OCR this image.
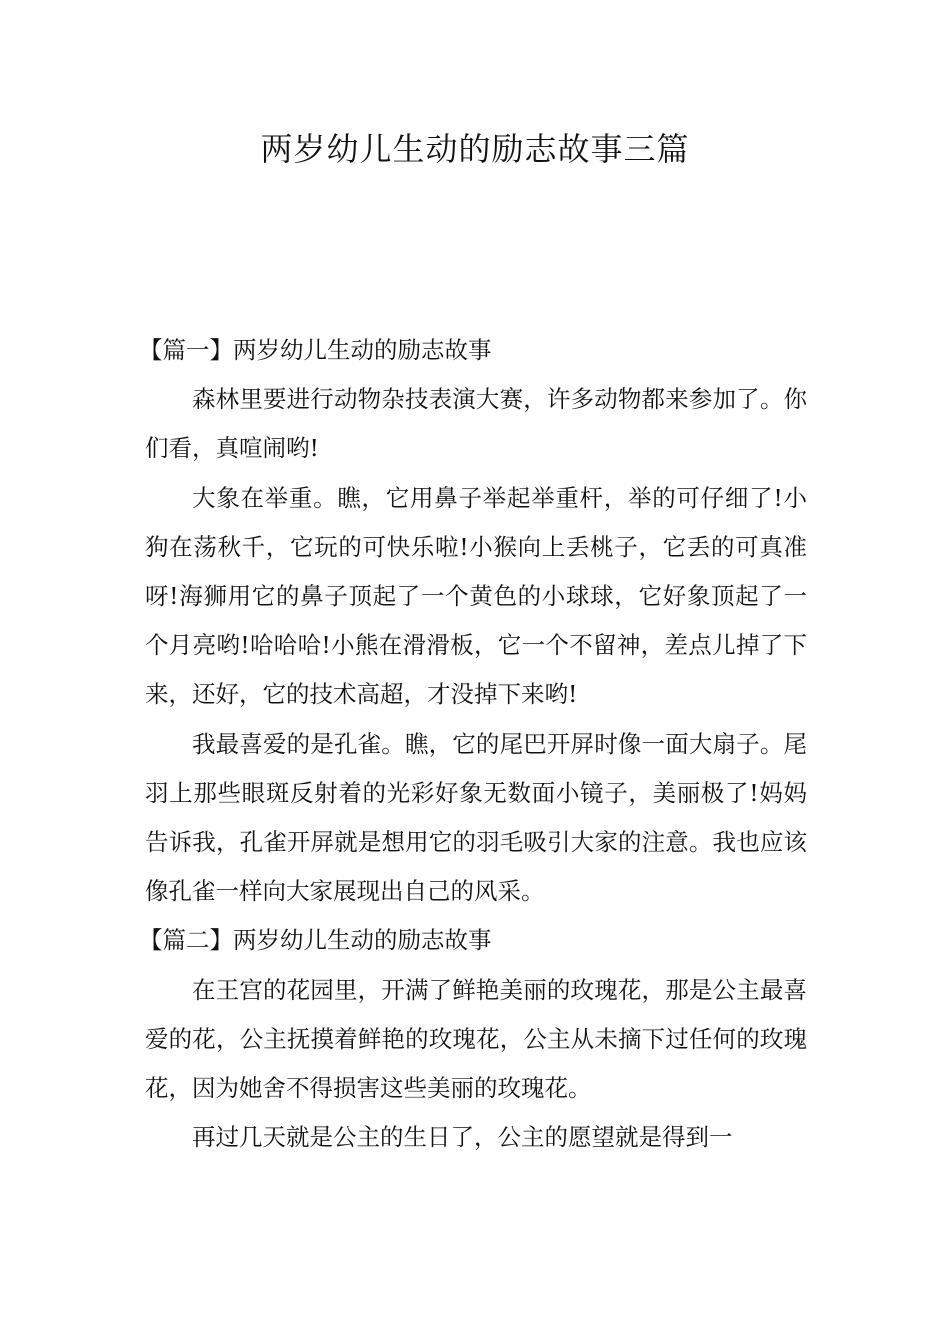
两岁幼儿生动的励志故事三篇
【篇一】两岁幼儿生动的励志故事

森林里要进行动物杂技表演大赛，许多动物都来参加了。你们看，真喧闹哟!

大象在举重。瞧，它用鼻子举起举重杆，举的可仔细了!小狗在荡秋千，它玩的可快乐啦!小猴向上丢桃子，它丢的可真准呀!海狮用它的鼻子顶起了一个黄色的小球球，它好象顶起了一个月亮哟!哈哈哈!小熊在滑滑板，它一个不留神，差点儿掉了下来，还好，它的技术高超，才没掉下来哟!

我最喜爱的是孔雀。瞧，它的尾巴开屏时像一面大扇子。尾羽上那些眼斑反射着的光彩好象无数面小镜子，美丽极了!妈妈告诉我，孔雀开屏就是想用它的羽毛吸引大家的注意。我也应该像孔雀一样向大家展现出自己的风采。

【篇二】两岁幼儿生动的励志故事

在王宫的花园里，开满了鲜艳美丽的玫瑰花，那是公主最喜爱的花，公主抚摸着鲜艳的玫瑰花，公主从未摘下过任何的玫瑰花，因为她舍不得损害这些美丽的玫瑰花。

再过几天就是公主的生日了，公主的愿望就是得到一
